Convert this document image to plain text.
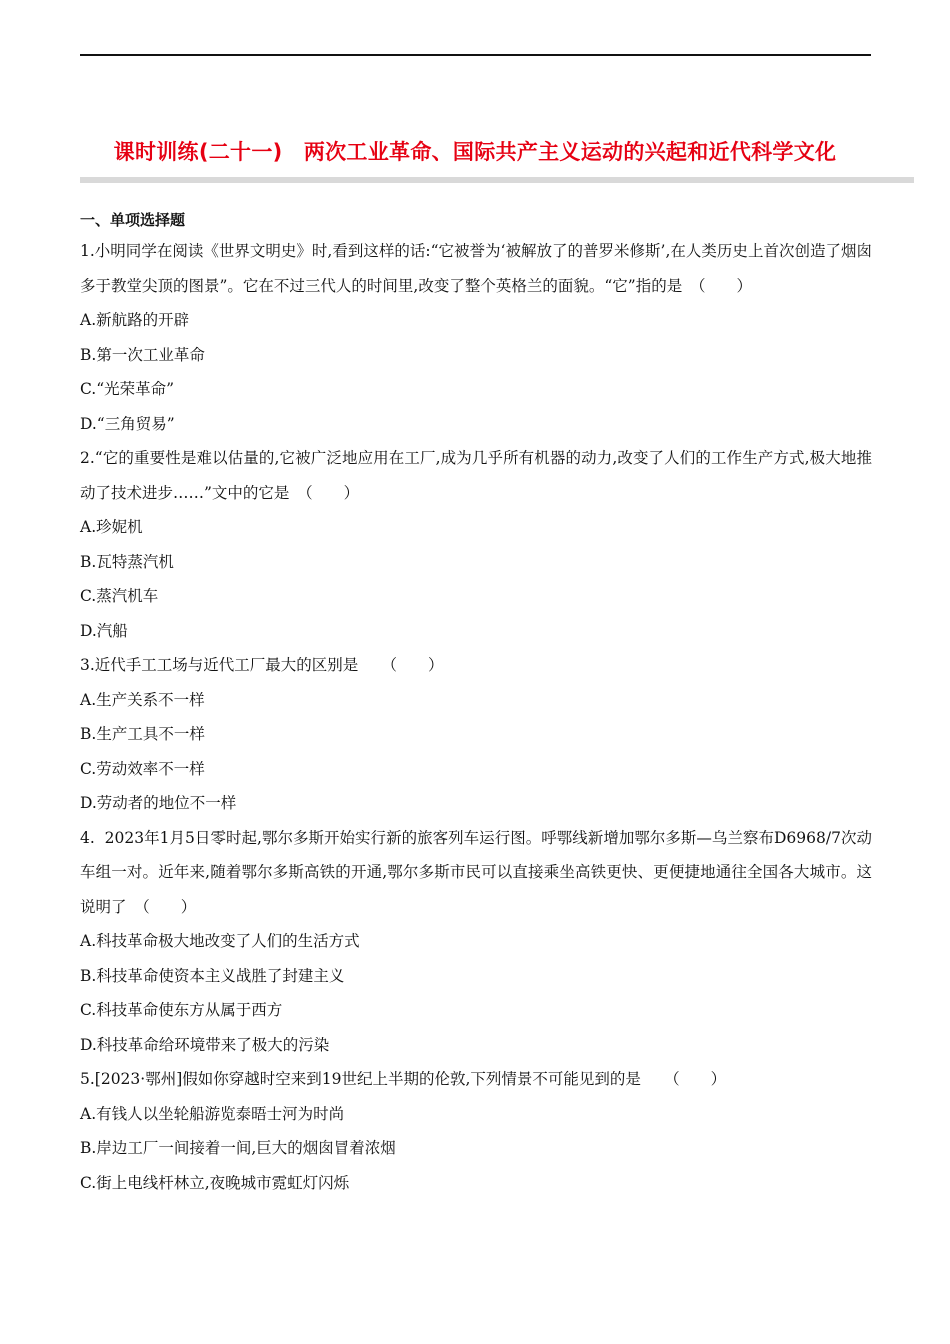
课时训练(二十一)　两次工业革命、国际共产主义运动的兴起和近代科学文化

一、单项选择题

1.小明同学在阅读《世界文明史》时,看到这样的话:“它被誉为‘被解放了的普罗米修斯’,在人类历史上首次创造了烟囱多于教堂尖顶的图景”。它在不过三代人的时间里,改变了整个英格兰的面貌。“它”指的是　（　　）

A.新航路的开辟

B.第一次工业革命

C.“光荣革命”

D.“三角贸易”

2.“它的重要性是难以估量的,它被广泛地应用在工厂,成为几乎所有机器的动力,改变了人们的工作生产方式,极大地推动了技术进步……”文中的它是　（　　）

A.珍妮机

B.瓦特蒸汽机

C.蒸汽机车

D.汽船

3.近代手工工场与近代工厂最大的区别是　　（　　）

A.生产关系不一样

B.生产工具不一样

C.劳动效率不一样

D.劳动者的地位不一样

4.  2023年1月5日零时起,鄂尔多斯开始实行新的旅客列车运行图。呼鄂线新增加鄂尔多斯—乌兰察布D6968/7次动车组一对。近年来,随着鄂尔多斯高铁的开通,鄂尔多斯市民可以直接乘坐高铁更快、更便捷地通往全国各大城市。这说明了　（　　）

A.科技革命极大地改变了人们的生活方式

B.科技革命使资本主义战胜了封建主义

C.科技革命使东方从属于西方

D.科技革命给环境带来了极大的污染

5.[2023·鄂州]假如你穿越时空来到19世纪上半期的伦敦,下列情景不可能见到的是　　（　　）

A.有钱人以坐轮船游览泰晤士河为时尚

B.岸边工厂一间接着一间,巨大的烟囱冒着浓烟

C.街上电线杆林立,夜晚城市霓虹灯闪烁
